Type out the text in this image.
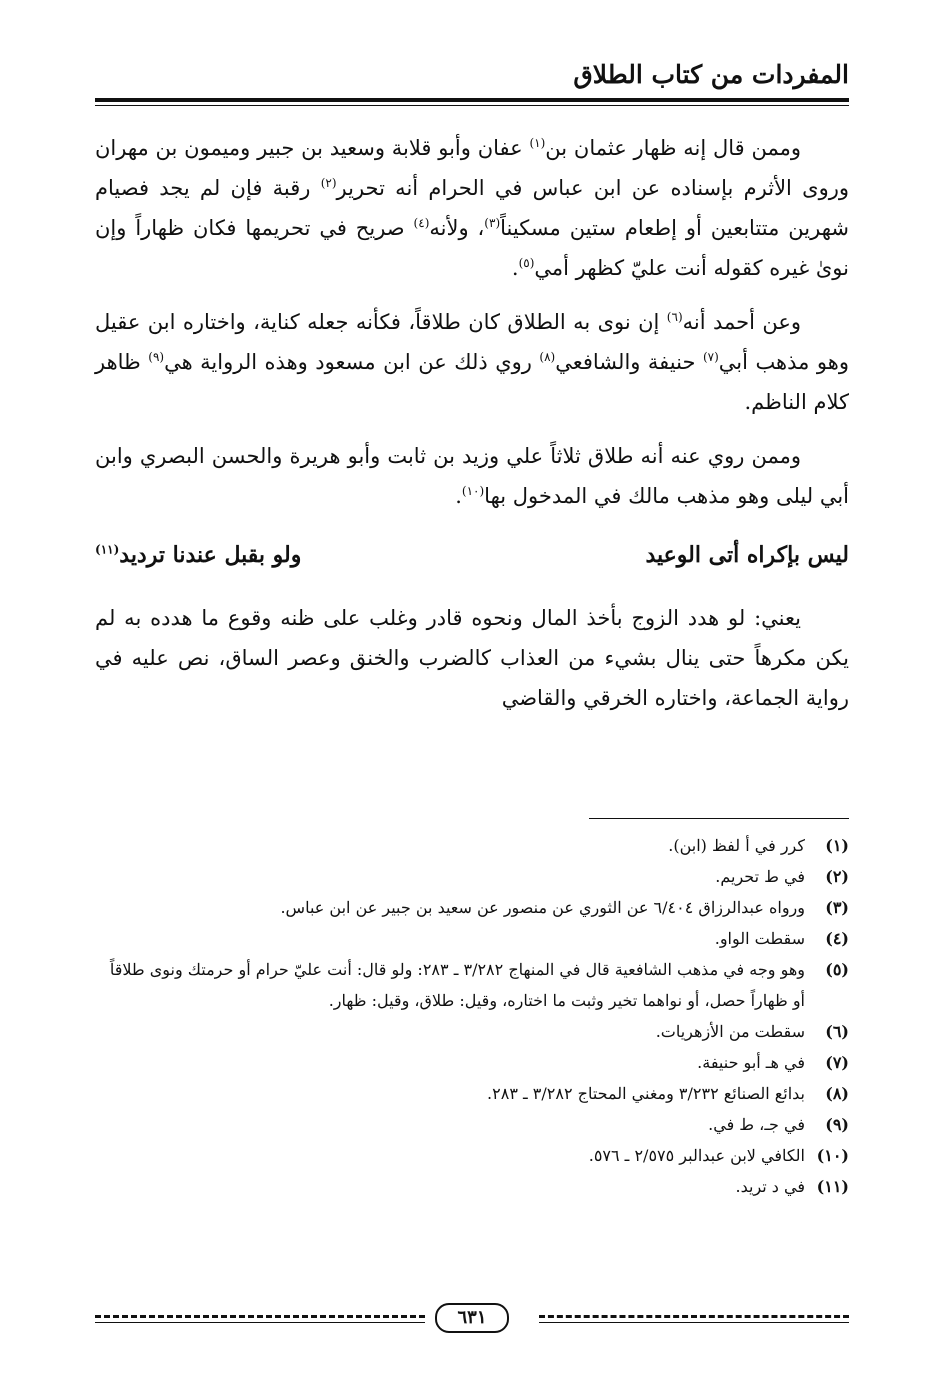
المفردات من كتاب الطلاق

وممن قال إنه ظهار عثمان بن$^{(١)}$ عفان وأبو قلابة وسعيد بن جبير وميمون بن مهران وروى الأثرم بإسناده عن ابن عباس في الحرام أنه تحرير$^{(٢)}$ رقبة فإن لم يجد فصيام شهرين متتابعين أو إطعام ستين مسكيناً$^{(٣)}$، ولأنه$^{(٤)}$ صريح في تحريمها فكان ظهاراً وإن نوىٰ غيره كقوله أنت عليّ كظهر أمي$^{(٥)}$.

وعن أحمد أنه$^{(٦)}$ إن نوى به الطلاق كان طلاقاً، فكأنه جعله كناية، واختاره ابن عقيل وهو مذهب أبي$^{(٧)}$ حنيفة والشافعي$^{(٨)}$ روي ذلك عن ابن مسعود وهذه الرواية هي$^{(٩)}$ ظاهر كلام الناظم.

وممن روي عنه أنه طلاق ثلاثاً علي وزيد بن ثابت وأبو هريرة والحسن البصري وابن أبي ليلى وهو مذهب مالك في المدخول بها$^{(١٠)}$.

ليس بإكراه أتى الوعيد
ولو بقبل عندنا ترديد$^{(١١)}$

يعني: لو هدد الزوج بأخذ المال ونحوه قادر وغلب على ظنه وقوع ما هدده به لم يكن مكرهاً حتى ينال بشيء من العذاب كالضرب والخنق وعصر الساق، نص عليه في رواية الجماعة، واختاره الخرقي والقاضي

(١)
كرر في أ لفظ (ابن).
(٢)
في ط تحريم.
(٣)
ورواه عبدالرزاق ٦/٤٠٤ عن الثوري عن منصور عن سعيد بن جبير عن ابن عباس.
(٤)
سقطت الواو.
(٥)
وهو وجه في مذهب الشافعية قال في المنهاج ٣/٢٨٢ ـ ٢٨٣: ولو قال: أنت عليّ حرام أو حرمتك ونوى طلاقاً أو ظهاراً حصل، أو نواهما تخير وثبت ما اختاره، وقيل: طلاق، وقيل: ظهار.
(٦)
سقطت من الأزهريات.
(٧)
في هـ أبو حنيفة.
(٨)
بدائع الصنائع ٣/٢٣٢ ومغني المحتاج ٣/٢٨٢ ـ ٢٨٣.
(٩)
في جـ، ط في.
(١٠)
الكافي لابن عبدالبر ٢/٥٧٥ ـ ٥٧٦.
(١١)
في د تريد.
٦٣١
